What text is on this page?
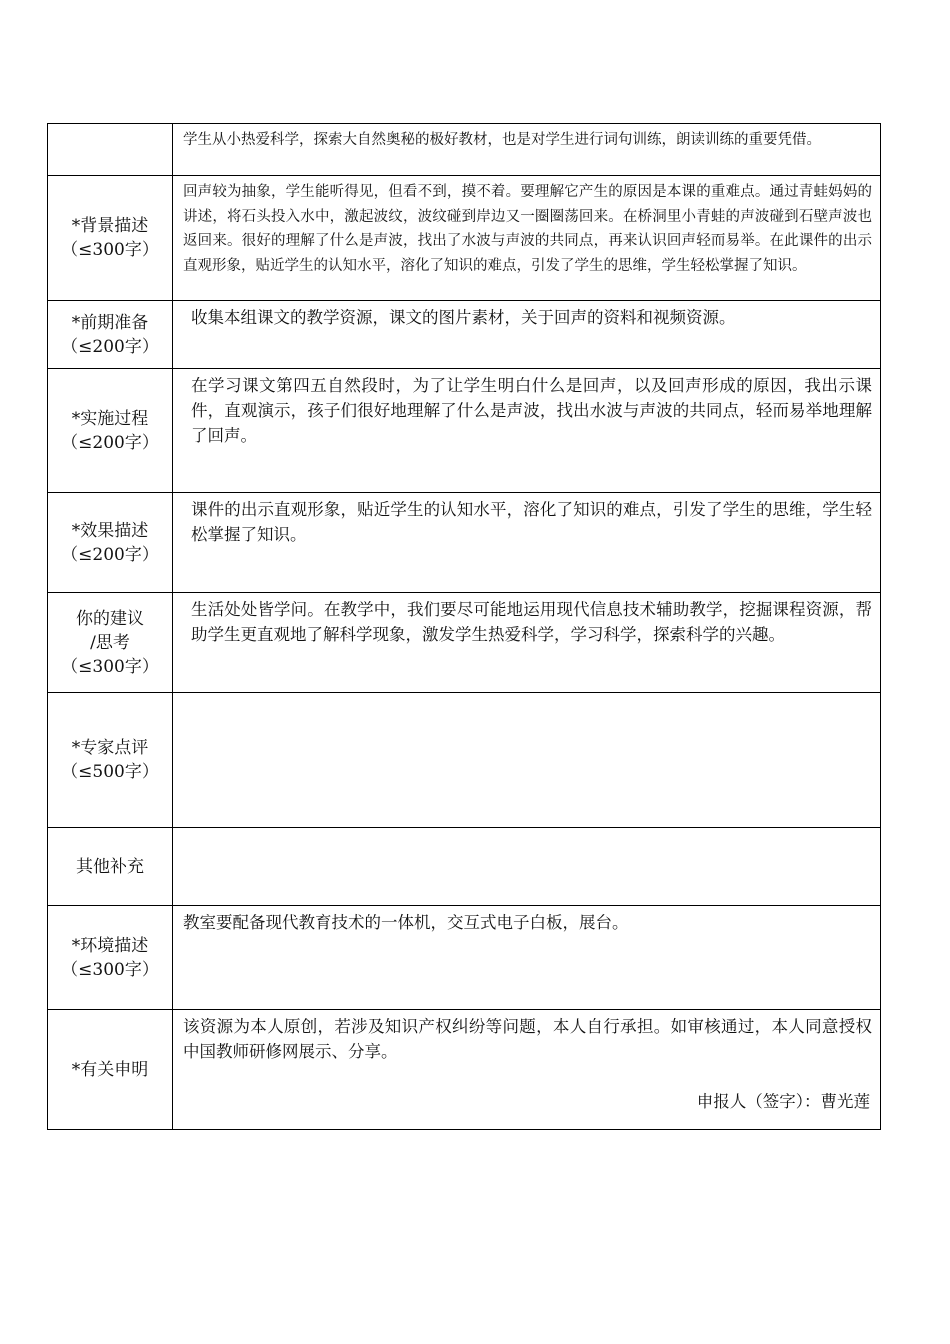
	学生从小热爱科学，探索大自然奥秘的极好教材，也是对学生进行词句训练，朗读训练的重要凭借。

*背景描述
（≤300字）	回声较为抽象，学生能听得见，但看不到，摸不着。要理解它产生的原因是本课的重难点。通过青蛙妈妈的讲述，将石头投入水中，激起波纹，波纹碰到岸边又一圈圈荡回来。在桥洞里小青蛙的声波碰到石壁声波也返回来。很好的理解了什么是声波，找出了水波与声波的共同点，再来认识回声轻而易举。在此课件的出示直观形象，贴近学生的认知水平，溶化了知识的难点，引发了学生的思维，学生轻松掌握了知识。

*前期准备
（≤200字）	收集本组课文的教学资源，课文的图片素材，关于回声的资料和视频资源。

*实施过程
（≤200字）	在学习课文第四五自然段时，为了让学生明白什么是回声，以及回声形成的原因，我出示课件，直观演示，孩子们很好地理解了什么是声波，找出水波与声波的共同点，轻而易举地理解了回声。

*效果描述
（≤200字）	课件的出示直观形象，贴近学生的认知水平，溶化了知识的难点，引发了学生的思维，学生轻松掌握了知识。

你的建议
/思考
（≤300字）	生活处处皆学问。在教学中，我们要尽可能地运用现代信息技术辅助教学，挖掘课程资源，帮助学生更直观地了解科学现象，激发学生热爱科学，学习科学，探索科学的兴趣。

*专家点评
（≤500字）	

其他补充	

*环境描述
（≤300字）	教室要配备现代教育技术的一体机，交互式电子白板，展台。

*有关申明	该资源为本人原创，若涉及知识产权纠纷等问题，本人自行承担。如审核通过，本人同意授权中国教师研修网展示、分享。
申报人（签字）：曹光莲
